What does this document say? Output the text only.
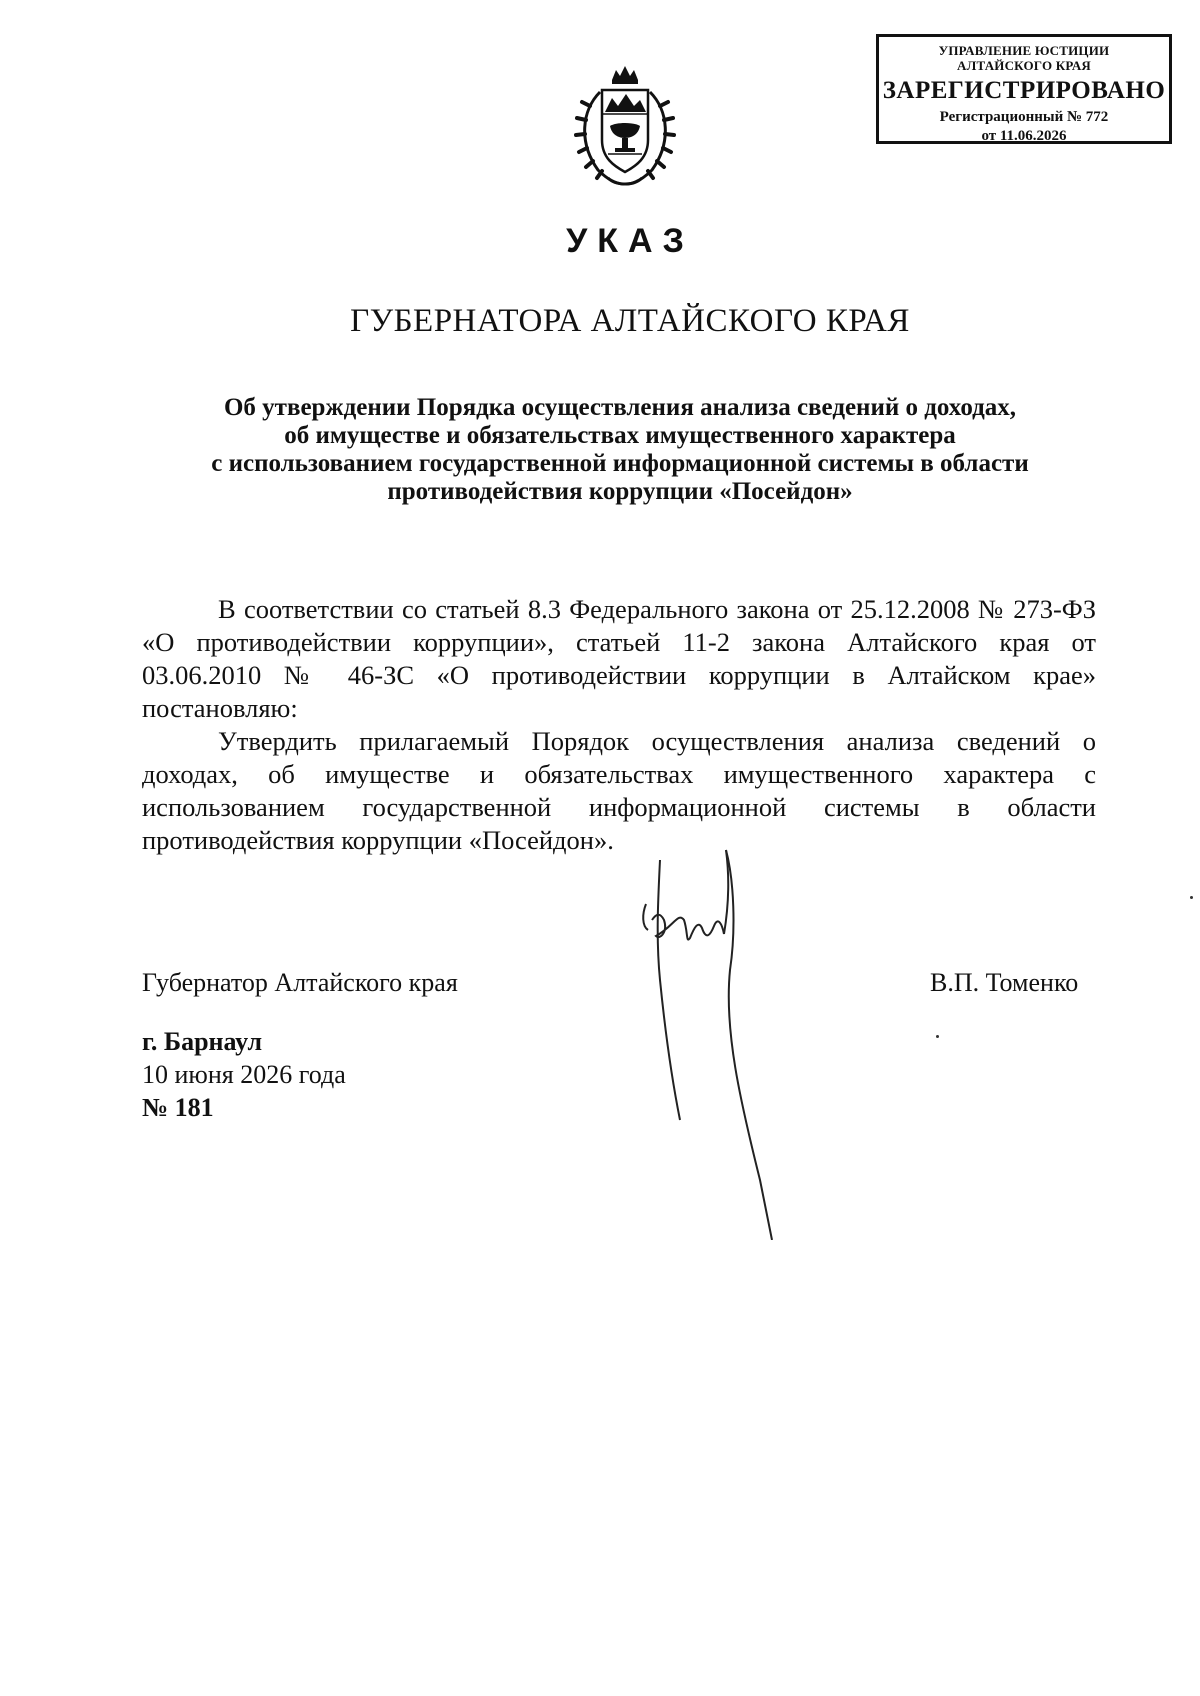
УПРАВЛЕНИЕ ЮСТИЦИИ
АЛТАЙСКОГО КРАЯ
ЗАРЕГИСТРИРОВАНО
Регистрационный № 772
от 11.06.2026
УКАЗ
ГУБЕРНАТОРА АЛТАЙСКОГО КРАЯ
Об утверждении Порядка осуществления анализа сведений о доходах,
об имуществе и обязательствах имущественного характера
с использованием государственной информационной системы в области
противодействия коррупции «Посейдон»

В соответствии со статьей 8.3 Федерального закона от 25.12.2008 № 273-ФЗ «О противодействии коррупции», статьей 11-2 закона Алтайского края от 03.06.2010 № 46-ЗС «О противодействии коррупции в Алтайском крае» постановляю:

Утвердить прилагаемый Порядок осуществления анализа сведений о доходах, об имуществе и обязательствах имущественного характера с использованием государственной информационной системы в области противодействия коррупции «Посейдон».

Губернатор Алтайского края	В.П. Томенко
г. Барнаул
10 июня 2026 года
№ 181
